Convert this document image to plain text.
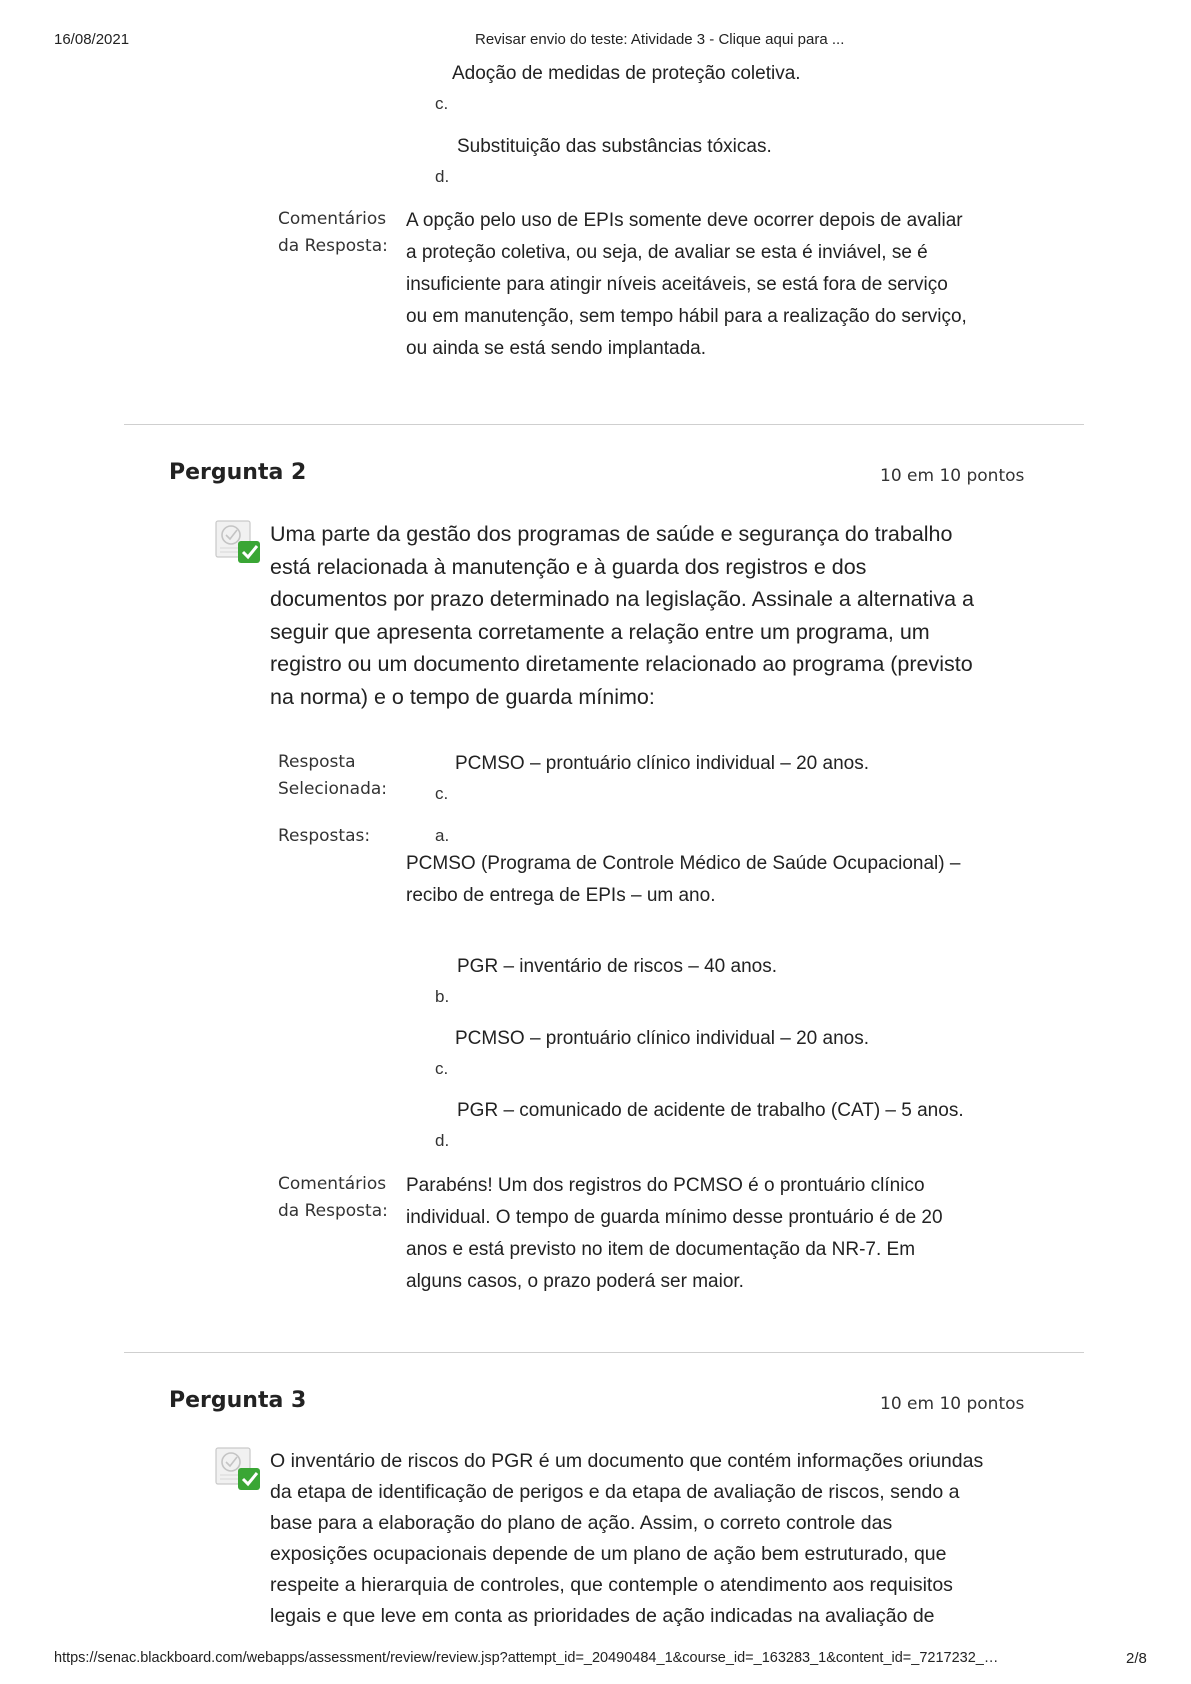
16/08/2021	Revisar envio do teste: Atividade 3 - Clique aqui para ...
Adoção de medidas de proteção coletiva.
c.
Substituição das substâncias tóxicas.
d.
Comentários
da Resposta:
A opção pelo uso de EPIs somente deve ocorrer depois de avaliar
a proteção coletiva, ou seja, de avaliar se esta é inviável, se é
insuficiente para atingir níveis aceitáveis, se está fora de serviço
ou em manutenção, sem tempo hábil para a realização do serviço,
ou ainda se está sendo implantada.
Pergunta 2	10 em 10 pontos
Uma parte da gestão dos programas de saúde e segurança do trabalho
está relacionada à manutenção e à guarda dos registros e dos
documentos por prazo determinado na legislação. Assinale a alternativa a
seguir que apresenta corretamente a relação entre um programa, um
registro ou um documento diretamente relacionado ao programa (previsto
na norma) e o tempo de guarda mínimo:
Resposta
Selecionada:
PCMSO – prontuário clínico individual – 20 anos.
c.
Respostas:	a.
PCMSO (Programa de Controle Médico de Saúde Ocupacional) –
recibo de entrega de EPIs – um ano.
PGR – inventário de riscos – 40 anos.
b.
PCMSO – prontuário clínico individual – 20 anos.
c.
PGR – comunicado de acidente de trabalho (CAT) – 5 anos.
d.
Comentários
da Resposta:
Parabéns! Um dos registros do PCMSO é o prontuário clínico
individual. O tempo de guarda mínimo desse prontuário é de 20
anos e está previsto no item de documentação da NR-7. Em
alguns casos, o prazo poderá ser maior.
Pergunta 3	10 em 10 pontos
O inventário de riscos do PGR é um documento que contém informações oriundas
da etapa de identificação de perigos e da etapa de avaliação de riscos, sendo a
base para a elaboração do plano de ação. Assim, o correto controle das
exposições ocupacionais depende de um plano de ação bem estruturado, que
respeite a hierarquia de controles, que contemple o atendimento aos requisitos
legais e que leve em conta as prioridades de ação indicadas na avaliação de
https://senac.blackboard.com/webapps/assessment/review/review.jsp?attempt_id=_20490484_1&course_id=_163283_1&content_id=_7217232_…	2/8
